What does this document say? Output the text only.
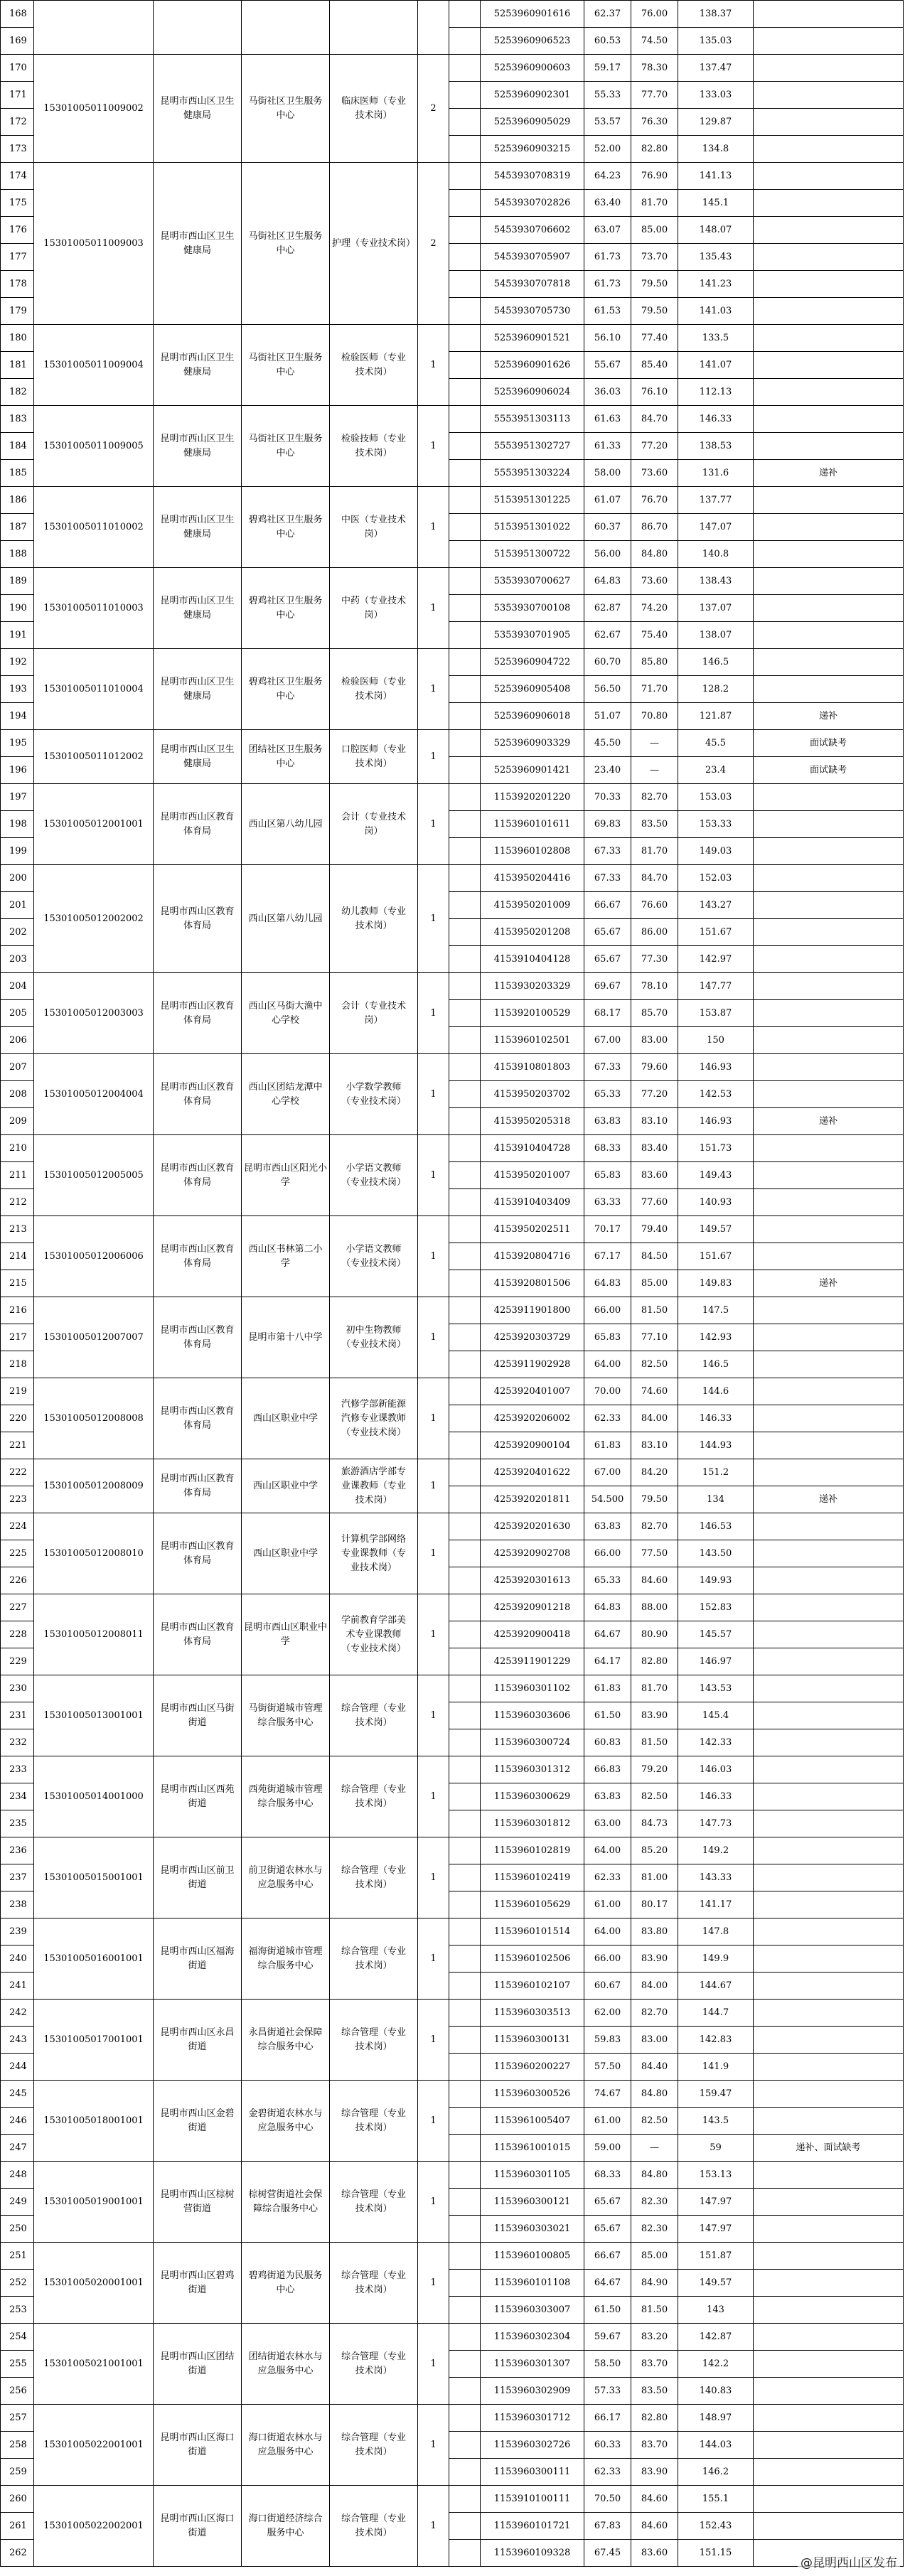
168							5253960901616	62.37	76.00	138.37	
169							5253960906523	60.53	74.50	135.03	
170	15301005011009002	昆明市西山区卫生
健康局	马街社区卫生服务
中心	临床医师（专业
技术岗）	2		5253960900603	59.17	78.30	137.47	
171							5253960902301	55.33	77.70	133.03	
172							5253960905029	53.57	76.30	129.87	
173							5253960903215	52.00	82.80	134.8	
174	15301005011009003	昆明市西山区卫生
健康局	马街社区卫生服务
中心	护理（专业技术岗）	2		5453930708319	64.23	76.90	141.13	
175							5453930702826	63.40	81.70	145.1	
176							5453930706602	63.07	85.00	148.07	
177							5453930705907	61.73	73.70	135.43	
178							5453930707818	61.73	79.50	141.23	
179							5453930705730	61.53	79.50	141.03	
180	15301005011009004	昆明市西山区卫生
健康局	马街社区卫生服务
中心	检验医师（专业
技术岗）	1		5253960901521	56.10	77.40	133.5	
181							5253960901626	55.67	85.40	141.07	
182							5253960906024	36.03	76.10	112.13	
183	15301005011009005	昆明市西山区卫生
健康局	马街社区卫生服务
中心	检验技师（专业
技术岗）	1		5553951303113	61.63	84.70	146.33	
184							5553951302727	61.33	77.20	138.53	
185							5553951303224	58.00	73.60	131.6	递补
186	15301005011010002	昆明市西山区卫生
健康局	碧鸡社区卫生服务
中心	中医（专业技术
岗）	1		5153951301225	61.07	76.70	137.77	
187							5153951301022	60.37	86.70	147.07	
188							5153951300722	56.00	84.80	140.8	
189	15301005011010003	昆明市西山区卫生
健康局	碧鸡社区卫生服务
中心	中药（专业技术
岗）	1		5353930700627	64.83	73.60	138.43	
190							5353930700108	62.87	74.20	137.07	
191							5353930701905	62.67	75.40	138.07	
192	15301005011010004	昆明市西山区卫生
健康局	碧鸡社区卫生服务
中心	检验医师（专业
技术岗）	1		5253960904722	60.70	85.80	146.5	
193							5253960905408	56.50	71.70	128.2	
194							5253960906018	51.07	70.80	121.87	递补
195	15301005011012002	昆明市西山区卫生
健康局	团结社区卫生服务
中心	口腔医师（专业
技术岗）	1		5253960903329	45.50	—	45.5	面试缺考
196							5253960901421	23.40	—	23.4	面试缺考
197	15301005012001001	昆明市西山区教育
体育局	西山区第八幼儿园	会计（专业技术
岗）	1		1153920201220	70.33	82.70	153.03	
198							1153960101611	69.83	83.50	153.33	
199							1153960102808	67.33	81.70	149.03	
200	15301005012002002	昆明市西山区教育
体育局	西山区第八幼儿园	幼儿教师（专业
技术岗）	1		4153950204416	67.33	84.70	152.03	
201							4153950201009	66.67	76.60	143.27	
202							4153950201208	65.67	86.00	151.67	
203							4153910404128	65.67	77.30	142.97	
204	15301005012003003	昆明市西山区教育
体育局	西山区马街大渔中
心学校	会计（专业技术
岗）	1		1153930203329	69.67	78.10	147.77	
205							1153920100529	68.17	85.70	153.87	
206							1153960102501	67.00	83.00	150	
207	15301005012004004	昆明市西山区教育
体育局	西山区团结龙潭中
心学校	小学数学教师
（专业技术岗）	1		4153910801803	67.33	79.60	146.93	
208							4153950203702	65.33	77.20	142.53	
209							4153950205318	63.83	83.10	146.93	递补
210	15301005012005005	昆明市西山区教育
体育局	昆明市西山区阳光小学	小学语文教师
（专业技术岗）	1		4153910404728	68.33	83.40	151.73	
211							4153950201007	65.83	83.60	149.43	
212							4153910403409	63.33	77.60	140.93	
213	15301005012006006	昆明市西山区教育
体育局	西山区书林第二小
学	小学语文教师
（专业技术岗）	1		4153950202511	70.17	79.40	149.57	
214							4153920804716	67.17	84.50	151.67	
215							4153920801506	64.83	85.00	149.83	递补
216	15301005012007007	昆明市西山区教育
体育局	昆明市第十八中学	初中生物教师
（专业技术岗）	1		4253911901800	66.00	81.50	147.5	
217							4253920303729	65.83	77.10	142.93	
218							4253911902928	64.00	82.50	146.5	
219	15301005012008008	昆明市西山区教育
体育局	西山区职业中学	汽修学部新能源
汽修专业课教师
（专业技术岗）	1		4253920401007	70.00	74.60	144.6	
220							4253920206002	62.33	84.00	146.33	
221							4253920900104	61.83	83.10	144.93	
222	15301005012008009	昆明市西山区教育
体育局	西山区职业中学	旅游酒店学部专
业课教师（专业
技术岗）	1		4253920401622	67.00	84.20	151.2	
223							4253920201811	54.500	79.50	134	递补
224	15301005012008010	昆明市西山区教育
体育局	西山区职业中学	计算机学部网络
专业课教师（专
业技术岗）	1		4253920201630	63.83	82.70	146.53	
225							4253920902708	66.00	77.50	143.50	
226							4253920301613	65.33	84.60	149.93	
227	15301005012008011	昆明市西山区教育
体育局	昆明市西山区职业中学	学前教育学部美
术专业课教师
（专业技术岗）	1		4253920901218	64.83	88.00	152.83	
228							4253920900418	64.67	80.90	145.57	
229							4253911901229	64.17	82.80	146.97	
230	15301005013001001	昆明市西山区马街
街道	马街街道城市管理
综合服务中心	综合管理（专业
技术岗）	1		1153960301102	61.83	81.70	143.53	
231							1153960303606	61.50	83.90	145.4	
232							1153960300724	60.83	81.50	142.33	
233	15301005014001000	昆明市西山区西苑
街道	西苑街道城市管理
综合服务中心	综合管理（专业
技术岗）	1		1153960301312	66.83	79.20	146.03	
234							1153960300629	63.83	82.50	146.33	
235							1153960301812	63.00	84.73	147.73	
236	15301005015001001	昆明市西山区前卫
街道	前卫街道农林水与
应急服务中心	综合管理（专业
技术岗）	1		1153960102819	64.00	85.20	149.2	
237							1153960102419	62.33	81.00	143.33	
238							1153960105629	61.00	80.17	141.17	
239	15301005016001001	昆明市西山区福海
街道	福海街道城市管理
综合服务中心	综合管理（专业
技术岗）	1		1153960101514	64.00	83.80	147.8	
240							1153960102506	66.00	83.90	149.9	
241							1153960102107	60.67	84.00	144.67	
242	15301005017001001	昆明市西山区永昌
街道	永昌街道社会保障
综合服务中心	综合管理（专业
技术岗）	1		1153960303513	62.00	82.70	144.7	
243							1153960300131	59.83	83.00	142.83	
244							1153960200227	57.50	84.40	141.9	
245	15301005018001001	昆明市西山区金碧
街道	金碧街道农林水与
应急服务中心	综合管理（专业
技术岗）	1		1153960300526	74.67	84.80	159.47	
246							1153961005407	61.00	82.50	143.5	
247							1153961001015	59.00	—	59	递补、面试缺考
248	15301005019001001	昆明市西山区棕树
营街道	棕树营街道社会保
障综合服务中心	综合管理（专业
技术岗）	1		1153960301105	68.33	84.80	153.13	
249							1153960300121	65.67	82.30	147.97	
250							1153960303021	65.67	82.30	147.97	
251	15301005020001001	昆明市西山区碧鸡
街道	碧鸡街道为民服务
中心	综合管理（专业
技术岗）	1		1153960100805	66.67	85.00	151.87	
252							1153960101108	64.67	84.90	149.57	
253							1153960303007	61.50	81.50	143	
254	15301005021001001	昆明市西山区团结
街道	团结街道农林水与
应急服务中心	综合管理（专业
技术岗）	1		1153960302304	59.67	83.20	142.87	
255							1153960301307	58.50	83.70	142.2	
256							1153960302909	57.33	83.50	140.83	
257	15301005022001001	昆明市西山区海口
街道	海口街道农林水与
应急服务中心	综合管理（专业
技术岗）	1		1153960301712	66.17	82.80	148.97	
258							1153960302726	60.33	83.70	144.03	
259							1153960300111	62.33	83.90	146.2	
260	15301005022002001	昆明市西山区海口
街道	海口街道经济综合
服务中心	综合管理（专业
技术岗）	1		1153910100111	70.50	84.60	155.1	
261							1153960101721	67.83	84.60	152.43	
262							1153960109328	67.45	83.60	151.15	
@昆明西山区发布
